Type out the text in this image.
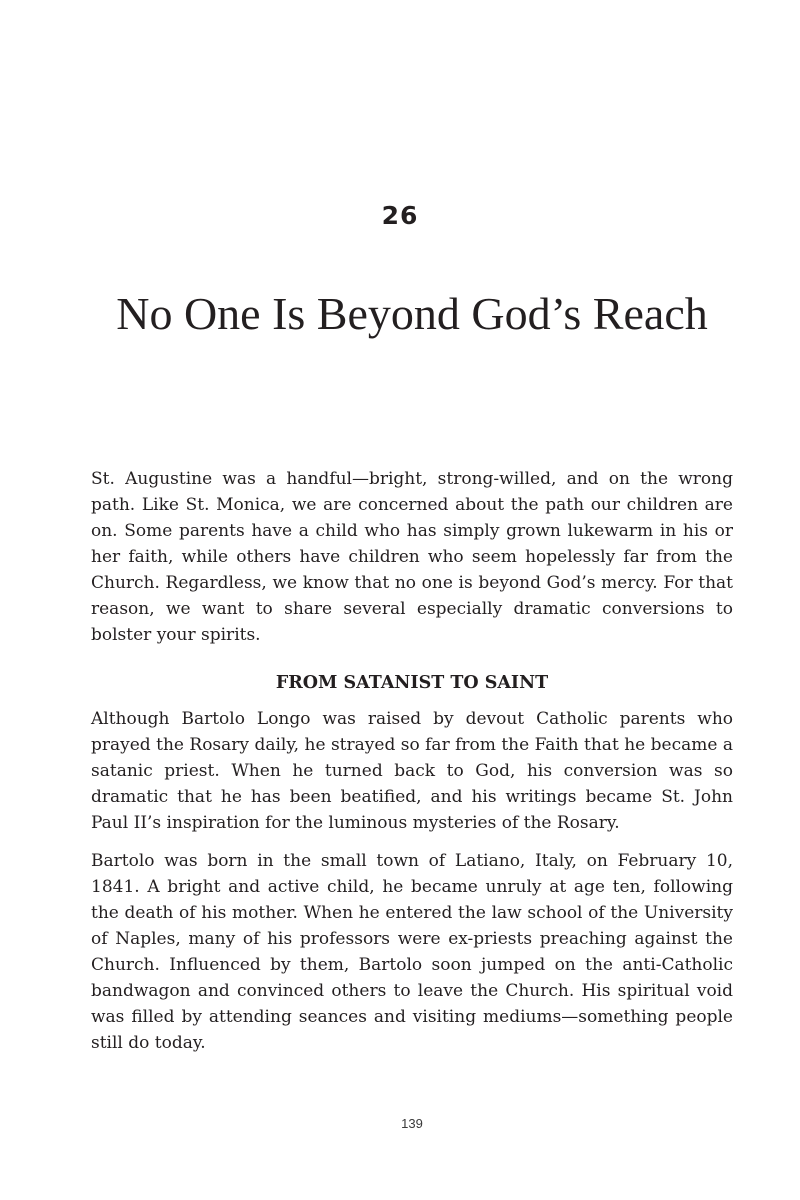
26
No One Is Beyond God’s Reach

St. Augustine was a handful—bright, strong-willed, and on the wrong path. Like St. Monica, we are concerned about the path our children are on. Some parents have a child who has simply grown lukewarm in his or her faith, while others have children who seem hopelessly far from the Church. Regardless, we know that no one is beyond God’s mercy. For that reason, we want to share several especially dramatic conversions to bolster your spirits.

FROM SATANIST TO SAINT

Although Bartolo Longo was raised by devout Catholic parents who prayed the Rosary daily, he strayed so far from the Faith that he became a satanic priest. When he turned back to God, his conversion was so dramatic that he has been beatified, and his writings became St. John Paul II’s inspiration for the luminous mysteries of the Rosary.

Bartolo was born in the small town of Latiano, Italy, on February 10, 1841. A bright and active child, he became unruly at age ten, following the death of his mother. When he entered the law school of the University of Naples, many of his professors were ex-priests preaching against the Church. Influenced by them, Bartolo soon jumped on the anti-Catholic bandwagon and convinced others to leave the Church. His spiritual void was filled by attending seances and visiting mediums—something people still do today.

139
